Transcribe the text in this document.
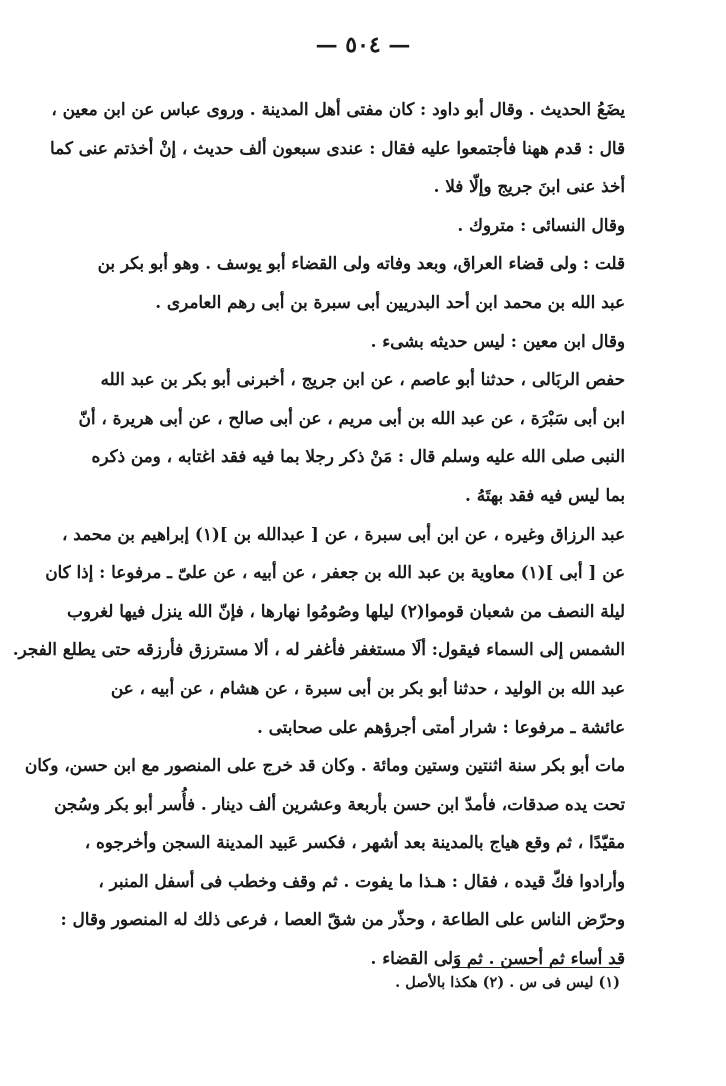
— ٥٠٤ —
يضَعُ الحديث . وقال أبو داود : كان مفتى أهل المدينة . وروى عباس عن ابن معين ،
قال : قدم ههنا فأجتمعوا عليه فقال : عندى سبعون ألف حديث ، إنْ أخذتم عنى كما
أخذ عنى ابنَ جريج وإلّا فلا .
وقال النسائى : متروك .
قلت : ولى قضاء العراق، وبعد وفاته ولى القضاء أبو يوسف . وهو أبو بكر بن
عبد الله بن محمد ابن أحد البدريين أبى سبرة بن أبى رهم العامرى .
وقال ابن معين : ليس حديثه بشىء .
حفص الربَالى ، حدثنا أبو عاصم ، عن ابن جريج ، أخبرنى أبو بكر بن عبد الله
ابن أبى سَبْرَة ، عن عبد الله بن أبى مريم ، عن أبى صالح ، عن أبى هريرة ، أنّ
النبى صلى الله عليه وسلم قال : مَنْ ذكر رجلا بما فيه فقد اغتابه ، ومن ذكره
بما ليس فيه فقد بهتَهُ .
عبد الرزاق وغيره ، عن ابن أبى سبرة ، عن [ عبدالله بن ](١) إبراهيم بن محمد ،
عن [ أبى ](١) معاوية بن عبد الله بن جعفر ، عن أبيه ، عن علىّ ـ مرفوعا : إذا كان
ليلة النصف من شعبان قوموا(٢) ليلها وصُومُوا نهارها ، فإنّ الله ينزل فيها لغروب
الشمس إلى السماء فيقول: ألَا مستغفر فأغفر له ، ألا مسترزق فأرزقه حتى يطلع الفجر.
عبد الله بن الوليد ، حدثنا أبو بكر بن أبى سبرة ، عن هشام ، عن أبيه ، عن
عائشة ـ مرفوعا : شرار أمتى أجرؤهم على صحابتى .
مات أبو بكر سنة اثنتين وستين ومائة . وكان قد خرج على المنصور مع ابن حسن، وكان
تحت يده صدقات، فأمدّ ابن حسن بأربعة وعشرين ألف دينار . فأُسر أبو بكر وسُجن
مقيّدًا ، ثم وقع هياج بالمدينة بعد أشهر ، فكسر عَبيد المدينة السجن وأخرجوه ،
وأرادوا فكّ قيده ، فقال : هـذا ما يفوت . ثم وقف وخطب فى أسفل المنبر ،
وحرّض الناس على الطاعة ، وحذّر من شقّ العصا ، فرعى ذلك له المنصور وقال :
قد أساء ثم أحسن . ثم وَلى القضاء .
(١) ليس فى س . (٢) هكذا بالأصل .
